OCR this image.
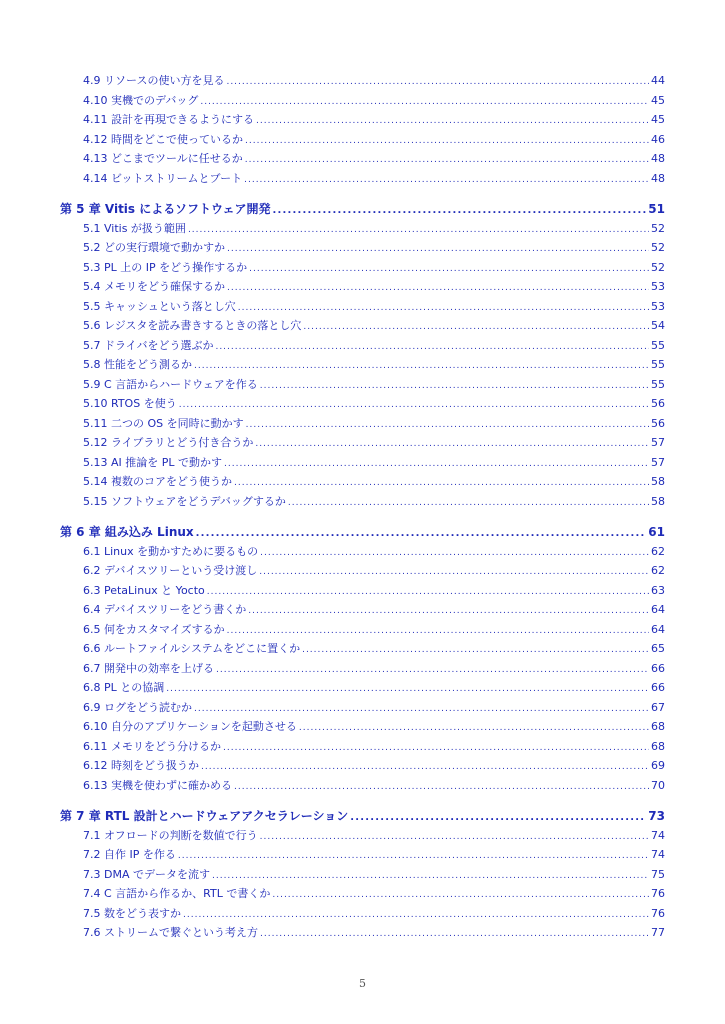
4.9 リソースの使い方を見る .....	44
4.10 実機でのデバッグ .....	45
4.11 設計を再現できるようにする .....	45
4.12 時間をどこで使っているか .....	46
4.13 どこまでツールに任せるか .....	48
4.14 ビットストリームとブート .....	48
第 5 章 Vitis によるソフトウェア開発 .....	51
5.1 Vitis が扱う範囲 .....	52
5.2 どの実行環境で動かすか .....	52
5.3 PL 上の IP をどう操作するか .....	52
5.4 メモリをどう確保するか .....	53
5.5 キャッシュという落とし穴 .....	53
5.6 レジスタを読み書きするときの落とし穴 .....	54
5.7 ドライバをどう選ぶか .....	55
5.8 性能をどう測るか .....	55
5.9 C 言語からハードウェアを作る .....	55
5.10 RTOS を使う .....	56
5.11 二つの OS を同時に動かす .....	56
5.12 ライブラリとどう付き合うか .....	57
5.13 AI 推論を PL で動かす .....	57
5.14 複数のコアをどう使うか .....	58
5.15 ソフトウェアをどうデバッグするか .....	58
第 6 章 組み込み Linux .....	61
6.1 Linux を動かすために要るもの .....	62
6.2 デバイスツリーという受け渡し .....	62
6.3 PetaLinux と Yocto .....	63
6.4 デバイスツリーをどう書くか .....	64
6.5 何をカスタマイズするか .....	64
6.6 ルートファイルシステムをどこに置くか .....	65
6.7 開発中の効率を上げる .....	66
6.8 PL との協調 .....	66
6.9 ログをどう読むか .....	67
6.10 自分のアプリケーションを起動させる .....	68
6.11 メモリをどう分けるか .....	68
6.12 時刻をどう扱うか .....	69
6.13 実機を使わずに確かめる .....	70
第 7 章 RTL 設計とハードウェアアクセラレーション .....	73
7.1 オフロードの判断を数値で行う .....	74
7.2 自作 IP を作る .....	74
7.3 DMA でデータを流す .....	75
7.4 C 言語から作るか、RTL で書くか .....	76
7.5 数をどう表すか .....	76
7.6 ストリームで繋ぐという考え方 .....	77
5
